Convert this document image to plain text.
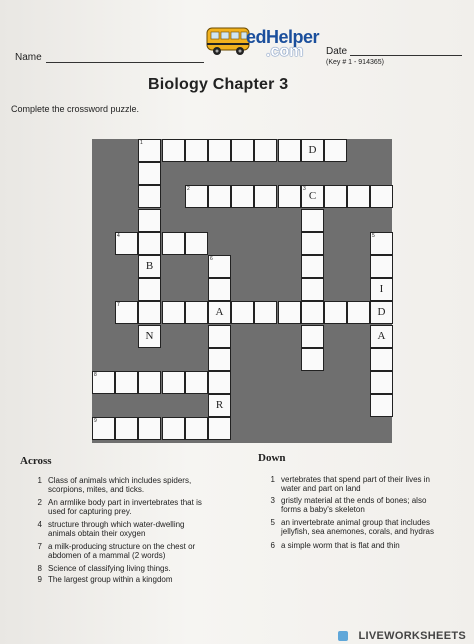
Name
edHelper
.com Date
(Key # 1 - 914365)
Biology Chapter 3
Complete the crossword puzzle.
1
D
B
N
2	3
C
4	5
I
D
A
6
A
R
7
8
9
Across	Down
1 Class of animals which includes spiders,
scorpions, mites, and ticks.
2 An armlike body part in invertebrates that is
used for capturing prey.
4 structure through which water-dwelling
animals obtain their oxygen
7 a milk-producing structure on the chest or
abdomen of a mammal (2 words)
8 Science of classifying living things.
9 The largest group within a kingdom
1 vertebrates that spend part of their lives in
water and part on land
3 gristly material at the ends of bones; also
forms a baby's skeleton
5 an invertebrate animal group that includes
jellyfish, sea anemones, corals, and hydras
6 a simple worm that is flat and thin
LIVEWORKSHEETS
